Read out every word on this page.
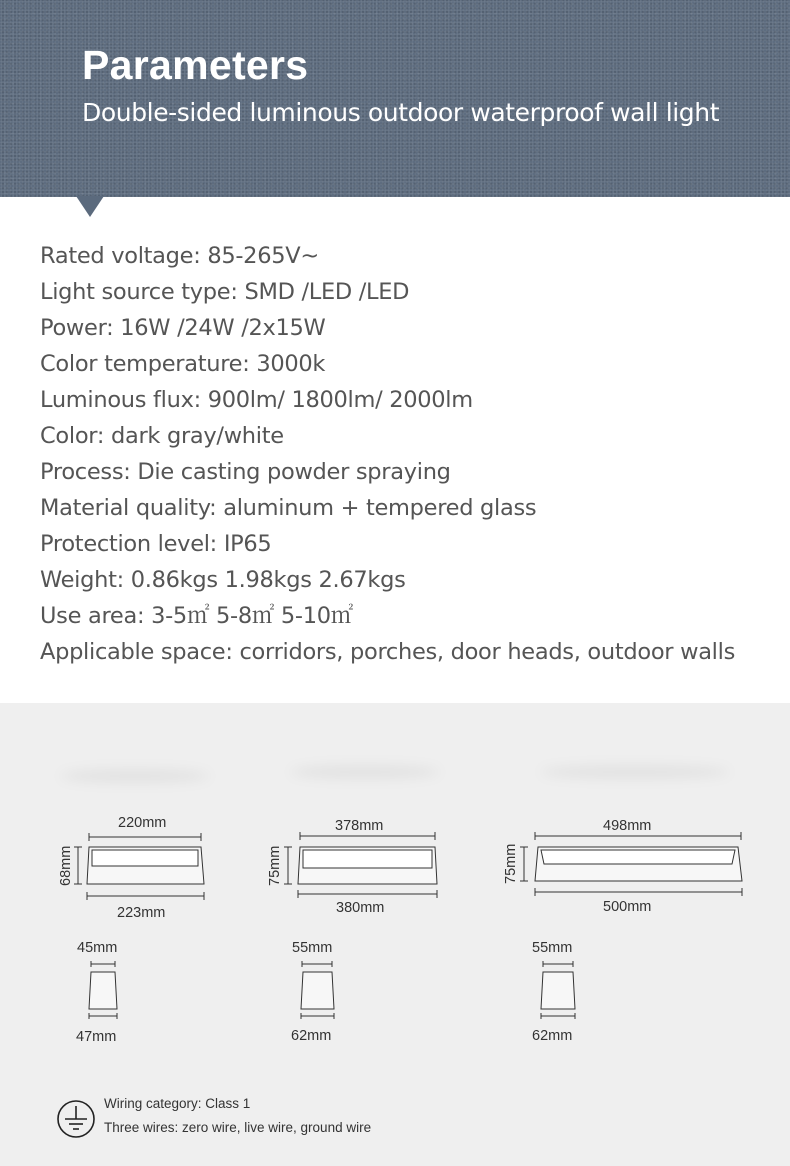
Parameters
Double-sided luminous outdoor waterproof wall light
Rated voltage: 85-265V~
Light source type: SMD /LED /LED
Power: 16W /24W /2x15W
Color temperature: 3000k
Luminous flux: 900lm/ 1800lm/ 2000lm
Color: dark gray/white
Process: Die casting powder spraying
Material quality: aluminum + tempered glass
Protection level: IP65
Weight: 0.86kgs 1.98kgs 2.67kgs
Use area: 3-5㎡ 5-8㎡ 5-10㎡
Applicable space: corridors, porches, door heads, outdoor walls
220mm
223mm
68mm
45mm
47mm
378mm
380mm
75mm
55mm
62mm
498mm
500mm
75mm
55mm
62mm
Wiring category: Class 1
Three wires: zero wire, live wire, ground wire
